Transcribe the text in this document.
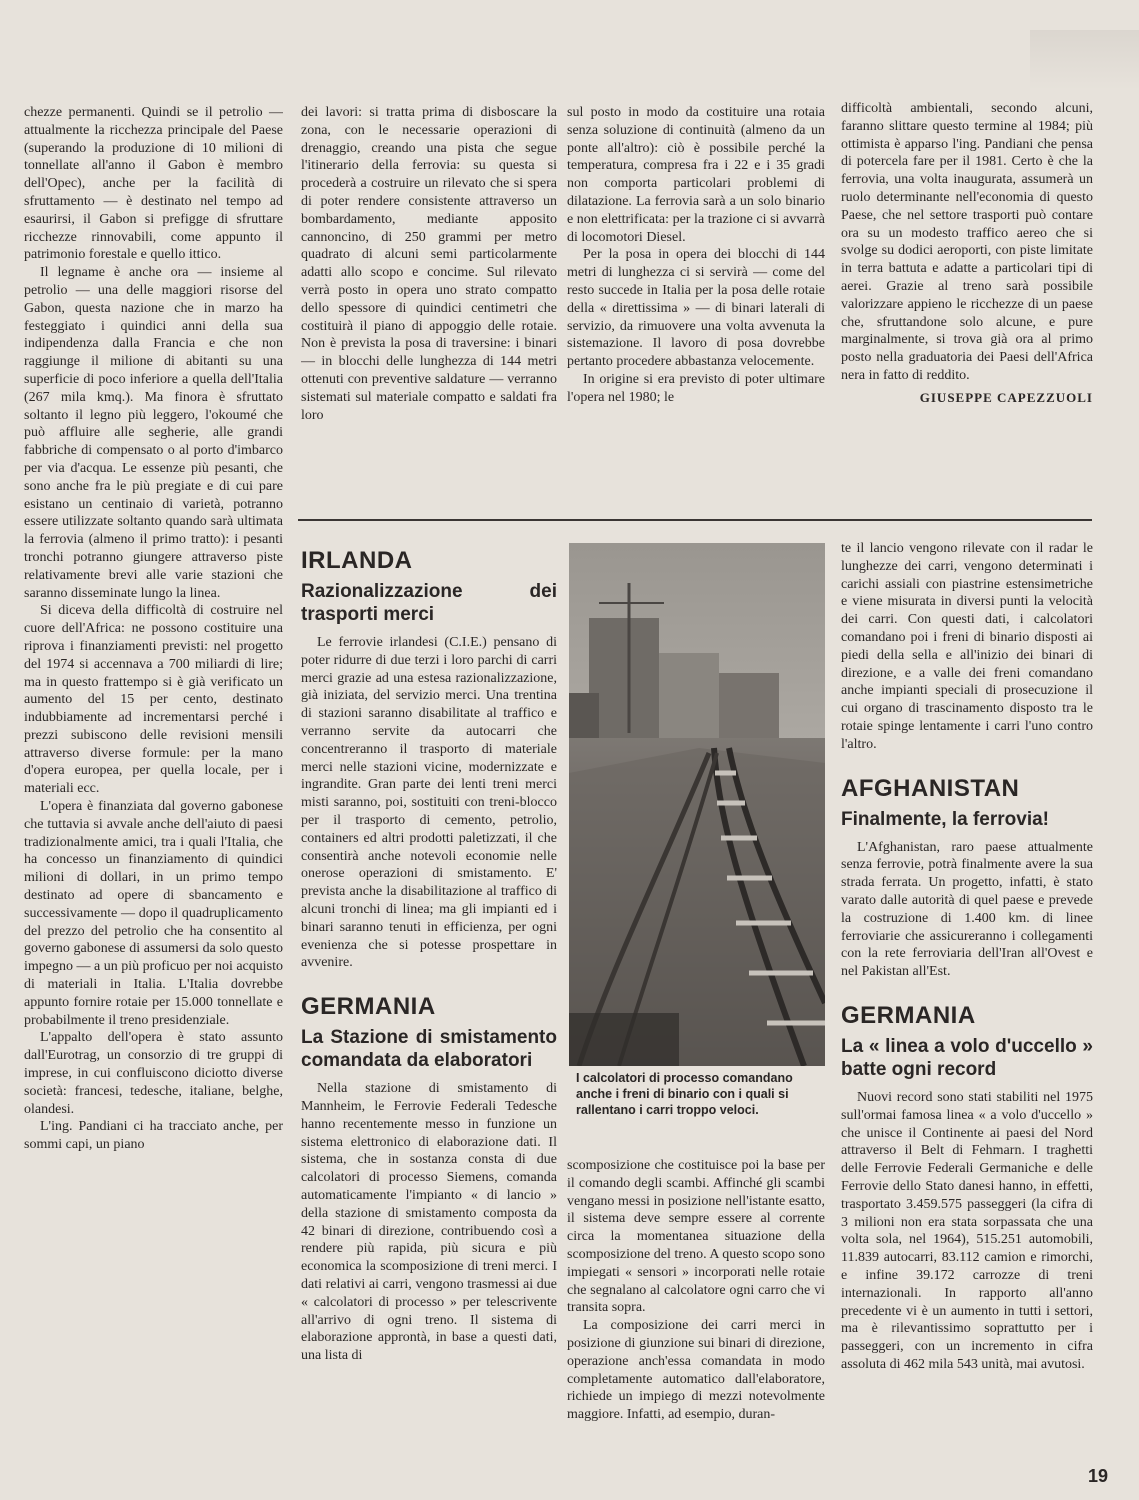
chezze permanenti. Quindi se il petrolio — attualmente la ricchezza principale del Paese (superando la produzione di 10 milioni di tonnellate all'anno il Gabon è membro dell'Opec), anche per la facilità di sfruttamento — è destinato nel tempo ad esaurirsi, il Gabon si prefigge di sfruttare ricchezze rinnovabili, come appunto il patrimonio forestale e quello ittico.

Il legname è anche ora — insieme al petrolio — una delle maggiori risorse del Gabon, questa nazione che in marzo ha festeggiato i quindici anni della sua indipendenza dalla Francia e che non raggiunge il milione di abitanti su una superficie di poco inferiore a quella dell'Italia (267 mila kmq.). Ma finora è sfruttato soltanto il legno più leggero, l'okoumé che può affluire alle segherie, alle grandi fabbriche di compensato o al porto d'imbarco per via d'acqua. Le essenze più pesanti, che sono anche fra le più pregiate e di cui pare esistano un centinaio di varietà, potranno essere utilizzate soltanto quando sarà ultimata la ferrovia (almeno il primo tratto): i pesanti tronchi potranno giungere attraverso piste relativamente brevi alle varie stazioni che saranno disseminate lungo la linea.

Si diceva della difficoltà di costruire nel cuore dell'Africa: ne possono costituire una riprova i finanziamenti previsti: nel progetto del 1974 si accennava a 700 miliardi di lire; ma in questo frattempo si è già verificato un aumento del 15 per cento, destinato indubbiamente ad incrementarsi perché i prezzi subiscono delle revisioni mensili attraverso diverse formule: per la mano d'opera europea, per quella locale, per i materiali ecc.

L'opera è finanziata dal governo gabonese che tuttavia si avvale anche dell'aiuto di paesi tradizionalmente amici, tra i quali l'Italia, che ha concesso un finanziamento di quindici milioni di dollari, in un primo tempo destinato ad opere di sbancamento e successivamente — dopo il quadruplicamento del prezzo del petrolio che ha consentito al governo gabonese di assumersi da solo questo impegno — a un più proficuo per noi acquisto di materiali in Italia. L'Italia dovrebbe appunto fornire rotaie per 15.000 tonnellate e probabilmente il treno presidenziale.

L'appalto dell'opera è stato assunto dall'Eurotrag, un consorzio di tre gruppi di imprese, in cui confluiscono diciotto diverse società: francesi, tedesche, italiane, belghe, olandesi.

L'ing. Pandiani ci ha tracciato anche, per sommi capi, un piano

dei lavori: si tratta prima di disboscare la zona, con le necessarie operazioni di drenaggio, creando una pista che segue l'itinerario della ferrovia: su questa si procederà a costruire un rilevato che si spera di poter rendere consistente attraverso un bombardamento, mediante apposito cannoncino, di 250 grammi per metro quadrato di alcuni semi particolarmente adatti allo scopo e concime. Sul rilevato verrà posto in opera uno strato compatto dello spessore di quindici centimetri che costituirà il piano di appoggio delle rotaie. Non è prevista la posa di traversine: i binari — in blocchi delle lunghezza di 144 metri ottenuti con preventive saldature — verranno sistemati sul materiale compatto e saldati fra loro

sul posto in modo da costituire una rotaia senza soluzione di continuità (almeno da un ponte all'altro): ciò è possibile perché la temperatura, compresa fra i 22 e i 35 gradi non comporta particolari problemi di dilatazione. La ferrovia sarà a un solo binario e non elettrificata: per la trazione ci si avvarrà di locomotori Diesel.

Per la posa in opera dei blocchi di 144 metri di lunghezza ci si servirà — come del resto succede in Italia per la posa delle rotaie della « direttissima » — di binari laterali di servizio, da rimuovere una volta avvenuta la sistemazione. Il lavoro di posa dovrebbe pertanto procedere abbastanza velocemente.

In origine si era previsto di poter ultimare l'opera nel 1980; le

difficoltà ambientali, secondo alcuni, faranno slittare questo termine al 1984; più ottimista è apparso l'ing. Pandiani che pensa di potercela fare per il 1981. Certo è che la ferrovia, una volta inaugurata, assumerà un ruolo determinante nell'economia di questo Paese, che nel settore trasporti può contare ora su un modesto traffico aereo che si svolge su dodici aeroporti, con piste limitate in terra battuta e adatte a particolari tipi di aerei. Grazie al treno sarà possibile valorizzare appieno le ricchezze di un paese che, sfruttandone solo alcune, e pure marginalmente, si trova già ora al primo posto nella graduatoria dei Paesi dell'Africa nera in fatto di reddito.

GIUSEPPE CAPEZZUOLI
IRLANDA
Razionalizzazione dei trasporti merci

Le ferrovie irlandesi (C.I.E.) pensano di poter ridurre di due terzi i loro parchi di carri merci grazie ad una estesa razionalizzazione, già iniziata, del servizio merci. Una trentina di stazioni saranno disabilitate al traffico e verranno servite da autocarri che concentreranno il trasporto di materiale merci nelle stazioni vicine, modernizzate e ingrandite. Gran parte dei lenti treni merci misti saranno, poi, sostituiti con treni-blocco per il trasporto di cemento, petrolio, containers ed altri prodotti paletizzati, il che consentirà anche notevoli economie nelle onerose operazioni di smistamento. E' prevista anche la disabilitazione al traffico di alcuni tronchi di linea; ma gli impianti ed i binari saranno tenuti in efficienza, per ogni evenienza che si potesse prospettare in avvenire.

GERMANIA
La Stazione di smistamento comandata da elaboratori

Nella stazione di smistamento di Mannheim, le Ferrovie Federali Tedesche hanno recentemente messo in funzione un sistema elettronico di elaborazione dati. Il sistema, che in sostanza consta di due calcolatori di processo Siemens, comanda automaticamente l'impianto « di lancio » della stazione di smistamento composta da 42 binari di direzione, contribuendo così a rendere più rapida, più sicura e più economica la scomposizione di treni merci. I dati relativi ai carri, vengono trasmessi ai due « calcolatori di processo » per telescrivente all'arrivo di ogni treno. Il sistema di elaborazione approntà, in base a questi dati, una lista di

I calcolatori di processo comandano anche i freni di binario con i quali si rallentano i carri troppo veloci.

scomposizione che costituisce poi la base per il comando degli scambi. Affinché gli scambi vengano messi in posizione nell'istante esatto, il sistema deve sempre essere al corrente circa la momentanea situazione della scomposizione del treno. A questo scopo sono impiegati « sensori » incorporati nelle rotaie che segnalano al calcolatore ogni carro che vi transita sopra.

La composizione dei carri merci in posizione di giunzione sui binari di direzione, operazione anch'essa comandata in modo completamente automatico dall'elaboratore, richiede un impiego di mezzi notevolmente maggiore. Infatti, ad esempio, duran-

te il lancio vengono rilevate con il radar le lunghezze dei carri, vengono determinati i carichi assiali con piastrine estensimetriche e viene misurata in diversi punti la velocità dei carri. Con questi dati, i calcolatori comandano poi i freni di binario disposti ai piedi della sella e all'inizio dei binari di direzione, e a valle dei freni comandano anche impianti speciali di prosecuzione il cui organo di trascinamento disposto tra le rotaie spinge lentamente i carri l'uno contro l'altro.

AFGHANISTAN
Finalmente, la ferrovia!

L'Afghanistan, raro paese attualmente senza ferrovie, potrà finalmente avere la sua strada ferrata. Un progetto, infatti, è stato varato dalle autorità di quel paese e prevede la costruzione di 1.400 km. di linee ferroviarie che assicureranno i collegamenti con la rete ferroviaria dell'Iran all'Ovest e nel Pakistan all'Est.

GERMANIA
La « linea a volo d'uccello » batte ogni record

Nuovi record sono stati stabiliti nel 1975 sull'ormai famosa linea « a volo d'uccello » che unisce il Continente ai paesi del Nord attraverso il Belt di Fehmarn. I traghetti delle Ferrovie Federali Germaniche e delle Ferrovie dello Stato danesi hanno, in effetti, trasportato 3.459.575 passeggeri (la cifra di 3 milioni non era stata sorpassata che una volta sola, nel 1964), 515.251 automobili, 11.839 autocarri, 83.112 camion e rimorchi, e infine 39.172 carrozze di treni internazionali. In rapporto all'anno precedente vi è un aumento in tutti i settori, ma è rilevantissimo soprattutto per i passeggeri, con un incremento in cifra assoluta di 462 mila 543 unità, mai avutosi.

19
